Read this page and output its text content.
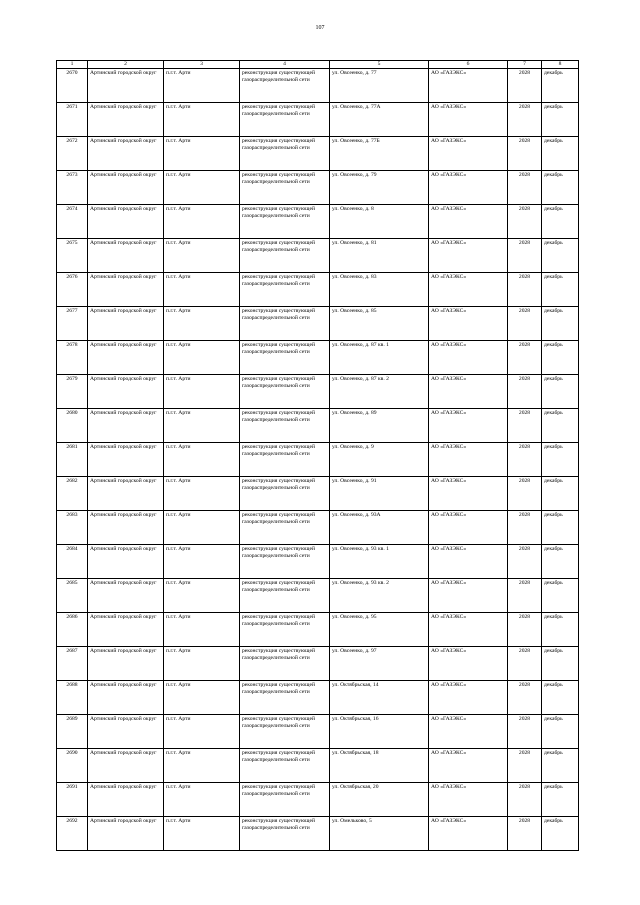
107
1	2	3	4	5	6	7	8
2670	Артинский городской округ	п.г.т. Арти	реконструкция существующей газораспределительной сети	ул. Овсеенко, д. 77	АО «ГАЗЭКС»	2028	декабрь
2671	Артинский городской округ	п.г.т. Арти	реконструкция существующей газораспределительной сети	ул. Овсеенко, д. 77А	АО «ГАЗЭКС»	2028	декабрь
2672	Артинский городской округ	п.г.т. Арти	реконструкция существующей газораспределительной сети	ул. Овсеенко, д. 77Б	АО «ГАЗЭКС»	2028	декабрь
2673	Артинский городской округ	п.г.т. Арти	реконструкция существующей газораспределительной сети	ул. Овсеенко, д. 79	АО «ГАЗЭКС»	2028	декабрь
2674	Артинский городской округ	п.г.т. Арти	реконструкция существующей газораспределительной сети	ул. Овсеенко, д. 8	АО «ГАЗЭКС»	2028	декабрь
2675	Артинский городской округ	п.г.т. Арти	реконструкция существующей газораспределительной сети	ул. Овсеенко, д. 81	АО «ГАЗЭКС»	2028	декабрь
2676	Артинский городской округ	п.г.т. Арти	реконструкция существующей газораспределительной сети	ул. Овсеенко, д. 83	АО «ГАЗЭКС»	2028	декабрь
2677	Артинский городской округ	п.г.т. Арти	реконструкция существующей газораспределительной сети	ул. Овсеенко, д. 85	АО «ГАЗЭКС»	2028	декабрь
2678	Артинский городской округ	п.г.т. Арти	реконструкция существующей газораспределительной сети	ул. Овсеенко, д. 87 кв. 1	АО «ГАЗЭКС»	2028	декабрь
2679	Артинский городской округ	п.г.т. Арти	реконструкция существующей газораспределительной сети	ул. Овсеенко, д. 87 кв. 2	АО «ГАЗЭКС»	2028	декабрь
2680	Артинский городской округ	п.г.т. Арти	реконструкция существующей газораспределительной сети	ул. Овсеенко, д. 89	АО «ГАЗЭКС»	2028	декабрь
2681	Артинский городской округ	п.г.т. Арти	реконструкция существующей газораспределительной сети	ул. Овсеенко, д. 9	АО «ГАЗЭКС»	2028	декабрь
2682	Артинский городской округ	п.г.т. Арти	реконструкция существующей газораспределительной сети	ул. Овсеенко, д. 91	АО «ГАЗЭКС»	2028	декабрь
2683	Артинский городской округ	п.г.т. Арти	реконструкция существующей газораспределительной сети	ул. Овсеенко, д. 93А	АО «ГАЗЭКС»	2028	декабрь
2684	Артинский городской округ	п.г.т. Арти	реконструкция существующей газораспределительной сети	ул. Овсеенко, д. 93 кв. 1	АО «ГАЗЭКС»	2028	декабрь
2685	Артинский городской округ	п.г.т. Арти	реконструкция существующей газораспределительной сети	ул. Овсеенко, д. 93 кв. 2	АО «ГАЗЭКС»	2028	декабрь
2686	Артинский городской округ	п.г.т. Арти	реконструкция существующей газораспределительной сети	ул. Овсеенко, д. 95	АО «ГАЗЭКС»	2028	декабрь
2687	Артинский городской округ	п.г.т. Арти	реконструкция существующей газораспределительной сети	ул. Овсеенко, д. 97	АО «ГАЗЭКС»	2028	декабрь
2688	Артинский городской округ	п.г.т. Арти	реконструкция существующей газораспределительной сети	ул. Октябрьская, 14	АО «ГАЗЭКС»	2028	декабрь
2689	Артинский городской округ	п.г.т. Арти	реконструкция существующей газораспределительной сети	ул. Октябрьская, 16	АО «ГАЗЭКС»	2028	декабрь
2690	Артинский городской округ	п.г.т. Арти	реконструкция существующей газораспределительной сети	ул. Октябрьская, 18	АО «ГАЗЭКС»	2028	декабрь
2691	Артинский городской округ	п.г.т. Арти	реконструкция существующей газораспределительной сети	ул. Октябрьская, 20	АО «ГАЗЭКС»	2028	декабрь
2692	Артинский городской округ	п.г.т. Арти	реконструкция существующей газораспределительной сети	ул. Омельково, 5	АО «ГАЗЭКС»	2028	декабрь
